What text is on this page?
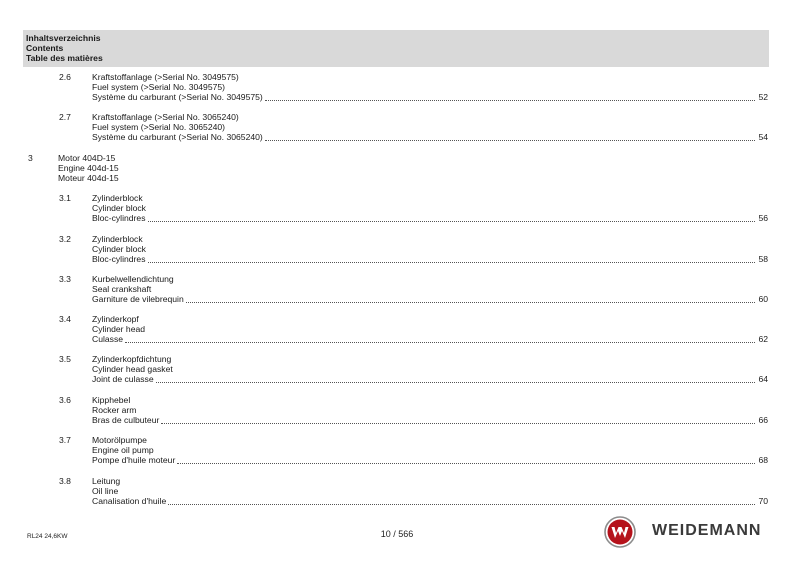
Inhaltsverzeichnis
Contents
Table des matières
2.6 Kraftstoffanlage (>Serial No. 3049575)
Fuel system (>Serial No. 3049575)
Système du carburant (>Serial No. 3049575)	52
2.7 Kraftstoffanlage (>Serial No. 3065240)
Fuel system (>Serial No. 3065240)
Système du carburant (>Serial No. 3065240)	54
3	Motor 404D-15
Engine 404d-15
Moteur 404d-15
3.1 Zylinderblock
Cylinder block
Bloc-cylindres	56
3.2 Zylinderblock
Cylinder block
Bloc-cylindres	58
3.3 Kurbelwellendichtung
Seal crankshaft
Garniture de vilebrequin	60
3.4 Zylinderkopf
Cylinder head
Culasse	62
3.5 Zylinderkopfdichtung
Cylinder head gasket
Joint de culasse	64
3.6 Kipphebel
Rocker arm
Bras de culbuteur	66
3.7 Motorölpumpe
Engine oil pump
Pompe d'huile moteur	68
3.8 Leitung
Oil line
Canalisation d'huile	70
RL24 24,6KW	10 / 566	WEIDEMANN
